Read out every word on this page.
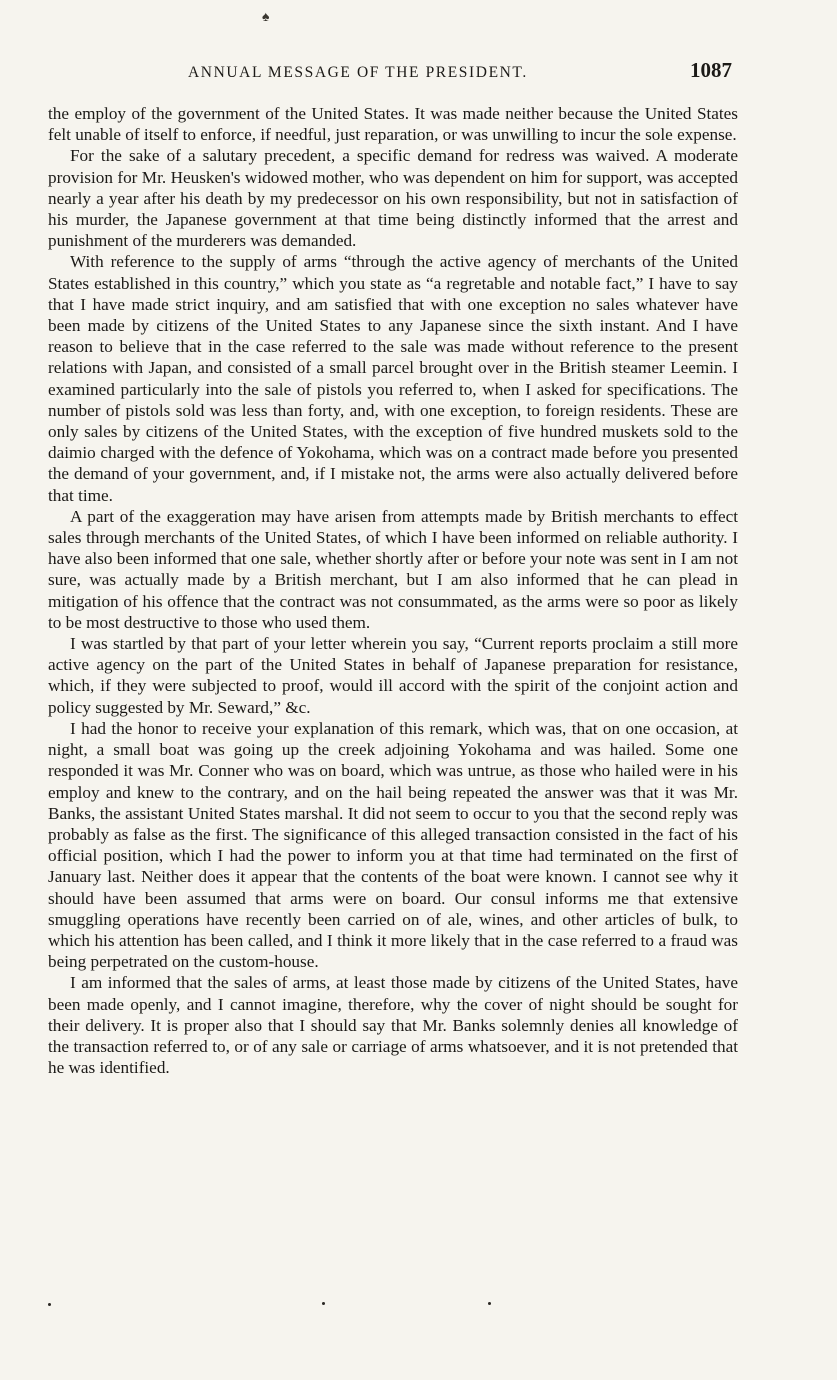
♠
ANNUAL MESSAGE OF THE PRESIDENT.	1087

the employ of the government of the United States. It was made neither because the United States felt unable of itself to enforce, if needful, just reparation, or was unwilling to incur the sole expense.

For the sake of a salutary precedent, a specific demand for redress was waived. A moderate provision for Mr. Heusken's widowed mother, who was dependent on him for support, was accepted nearly a year after his death by my predecessor on his own responsibility, but not in satisfaction of his murder, the Japanese government at that time being distinctly informed that the arrest and punishment of the murderers was demanded.

With reference to the supply of arms “through the active agency of merchants of the United States established in this country,” which you state as “a regretable and notable fact,” I have to say that I have made strict inquiry, and am satisfied that with one exception no sales whatever have been made by citizens of the United States to any Japanese since the sixth instant. And I have reason to believe that in the case referred to the sale was made without reference to the present relations with Japan, and consisted of a small parcel brought over in the British steamer Leemin. I examined particularly into the sale of pistols you referred to, when I asked for specifications. The number of pistols sold was less than forty, and, with one exception, to foreign residents. These are only sales by citizens of the United States, with the exception of five hundred muskets sold to the daimio charged with the defence of Yokohama, which was on a contract made before you presented the demand of your government, and, if I mistake not, the arms were also actually delivered before that time.

A part of the exaggeration may have arisen from attempts made by British merchants to effect sales through merchants of the United States, of which I have been informed on reliable authority. I have also been informed that one sale, whether shortly after or before your note was sent in I am not sure, was actually made by a British merchant, but I am also informed that he can plead in mitigation of his offence that the contract was not consummated, as the arms were so poor as likely to be most destructive to those who used them.

I was startled by that part of your letter wherein you say, “Current reports proclaim a still more active agency on the part of the United States in behalf of Japanese preparation for resistance, which, if they were subjected to proof, would ill accord with the spirit of the conjoint action and policy suggested by Mr. Seward,” &c.

I had the honor to receive your explanation of this remark, which was, that on one occasion, at night, a small boat was going up the creek adjoining Yokohama and was hailed. Some one responded it was Mr. Conner who was on board, which was untrue, as those who hailed were in his employ and knew to the contrary, and on the hail being repeated the answer was that it was Mr. Banks, the assistant United States marshal. It did not seem to occur to you that the second reply was probably as false as the first. The significance of this alleged transaction consisted in the fact of his official position, which I had the power to inform you at that time had terminated on the first of January last. Neither does it appear that the contents of the boat were known. I cannot see why it should have been assumed that arms were on board. Our consul informs me that extensive smuggling operations have recently been carried on of ale, wines, and other articles of bulk, to which his attention has been called, and I think it more likely that in the case referred to a fraud was being perpetrated on the custom-house.

I am informed that the sales of arms, at least those made by citizens of the United States, have been made openly, and I cannot imagine, therefore, why the cover of night should be sought for their delivery. It is proper also that I should say that Mr. Banks solemnly denies all knowledge of the transaction referred to, or of any sale or carriage of arms whatsoever, and it is not pretended that he was identified.
